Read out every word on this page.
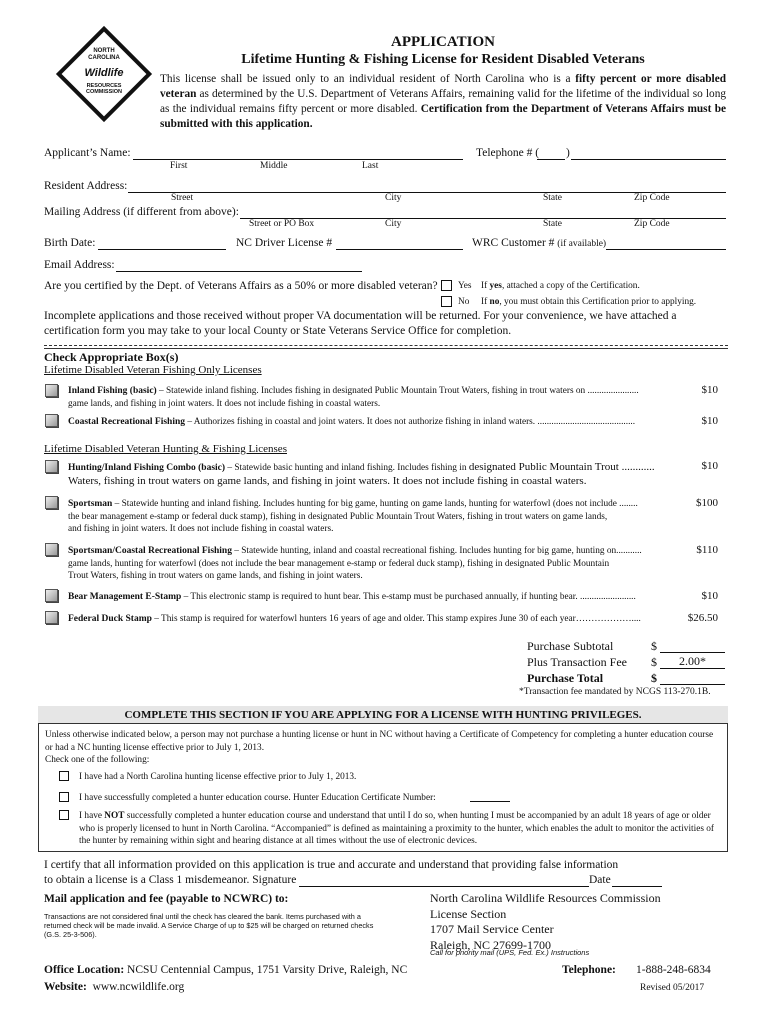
NORTH
CAROLINA
Wildlife
RESOURCES
COMMISSION
APPLICATION
Lifetime Hunting & Fishing License for Resident Disabled Veterans
This license shall be issued only to an individual resident of North Carolina who is a fifty percent or more disabled veteran as determined by the U.S. Department of Veterans Affairs, remaining valid for the lifetime of the individual so long as the individual remains fifty percent or more disabled. Certification from the Department of Veterans Affairs must be submitted with this application.
Applicant’s Name:	Telephone # ( )
First	Middle	Last
Resident Address:
Street	City	State	Zip Code
Mailing Address (if different from above):
Street or PO Box	City	State	Zip Code
Birth Date:	NC Driver License #	WRC Customer # (if available)
Email Address:
Are you certified by the Dept. of Veterans Affairs as a 50% or more disabled veteran? Yes If yes, attached a copy of the Certification.
No If no, you must obtain this Certification prior to applying.
Incomplete applications and those received without proper VA documentation will be returned. For your convenience, we have attached a certification form you may take to your local County or State Veterans Service Office for completion.
Check Appropriate Box(s)
Lifetime Disabled Veteran Fishing Only Licenses
Inland Fishing (basic) – Statewide inland fishing. Includes fishing in designated Public Mountain Trout Waters, fishing in trout waters on ......................
game lands, and fishing in joint waters. It does not include fishing in coastal waters.
$10
Coastal Recreational Fishing – Authorizes fishing in coastal and joint waters. It does not authorize fishing in inland waters. ..........................................	$10
Lifetime Disabled Veteran Hunting & Fishing Licenses
Hunting/Inland Fishing Combo (basic) – Statewide basic hunting and inland fishing. Includes fishing in designated Public Mountain Trout ............
Waters, fishing in trout waters on game lands, and fishing in joint waters. It does not include fishing in coastal waters.
$10
Sportsman – Statewide hunting and inland fishing. Includes hunting for big game, hunting on game lands, hunting for waterfowl (does not include ........
the bear management e-stamp or federal duck stamp), fishing in designated Public Mountain Trout Waters, fishing in trout waters on game lands,
and fishing in joint waters. It does not include fishing in coastal waters.
$100
Sportsman/Coastal Recreational Fishing – Statewide hunting, inland and coastal recreational fishing. Includes hunting for big game, hunting on...........
game lands, hunting for waterfowl (does not include the bear management e-stamp or federal duck stamp), fishing in designated Public Mountain
Trout Waters, fishing in trout waters on game lands, and fishing in joint waters.
$110
Bear Management E-Stamp – This electronic stamp is required to hunt bear. This e-stamp must be purchased annually, if hunting bear. ........................	$10
Federal Duck Stamp – This stamp is required for waterfowl hunters 16 years of age and older. This stamp expires June 30 of each year………………....	$26.50
Purchase Subtotal	$
Plus Transaction Fee $	2.00*
Purchase Total	$
*Transaction fee mandated by NCGS 113-270.1B.
COMPLETE THIS SECTION IF YOU ARE APPLYING FOR A LICENSE WITH HUNTING PRIVILEGES.
Unless otherwise indicated below, a person may not purchase a hunting license or hunt in NC without having a Certificate of Competency for completing a hunter education course or had a NC hunting license effective prior to July 1, 2013.
Check one of the following:
I have had a North Carolina hunting license effective prior to July 1, 2013.
I have successfully completed a hunter education course. Hunter Education Certificate Number:
I have NOT successfully completed a hunter education course and understand that until I do so, when hunting I must be accompanied by an adult 18 years of age or older who is properly licensed to hunt in North Carolina. “Accompanied” is defined as maintaining a proximity to the hunter, which enables the adult to monitor the activities of the hunter by remaining within sight and hearing distance at all times without the use of electronic devices.
I certify that all information provided on this application is true and accurate and understand that providing false information
to obtain a license is a Class 1 misdemeanor. Signature	Date
Mail application and fee (payable to NCWRC) to:
Transactions are not considered final until the check has cleared the bank. Items purchased with a returned check will be made invalid. A Service Charge of up to $25 will be charged on returned checks (G.S. 25-3-506).
North Carolina Wildlife Resources Commission
License Section
1707 Mail Service Center
Raleigh, NC 27699-1700
Call for priority mail (UPS, Fed. Ex.) Instructions
Office Location: NCSU Centennial Campus, 1751 Varsity Drive, Raleigh, NC	Telephone: 1-888-248-6834
Website: www.ncwildlife.org	Revised 05/2017
